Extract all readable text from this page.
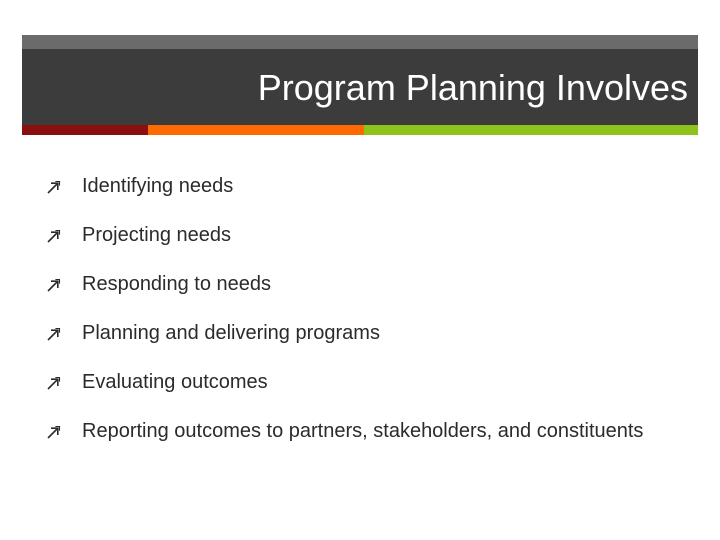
Program Planning Involves
Identifying needs
Projecting needs
Responding to needs
Planning and delivering programs
Evaluating outcomes
Reporting outcomes to partners, stakeholders, and constituents
